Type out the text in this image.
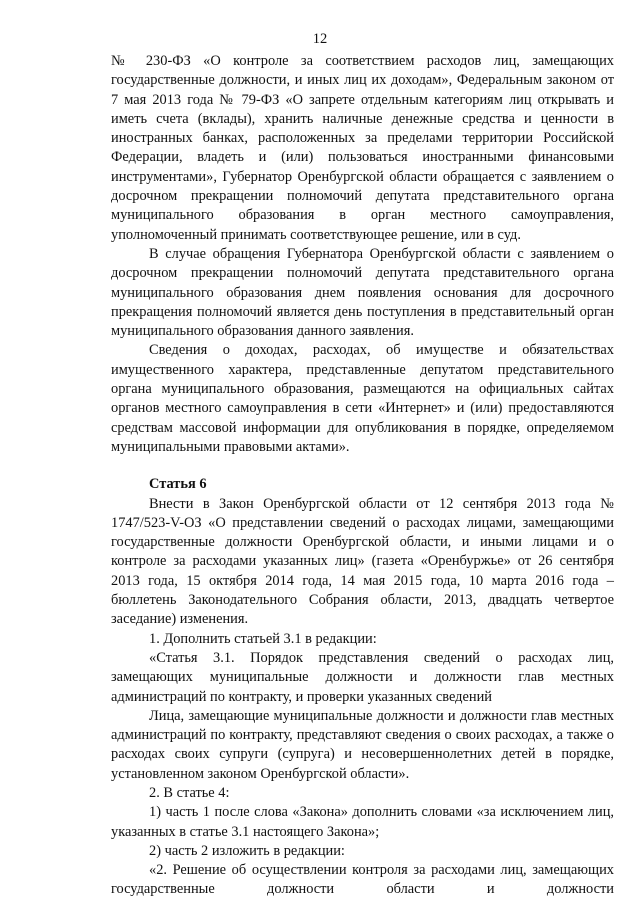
12

№ 230-ФЗ «О контроле за соответствием расходов лиц, замещающих государственные должности, и иных лиц их доходам», Федеральным законом от 7 мая 2013 года № 79-ФЗ «О запрете отдельным категориям лиц открывать и иметь счета (вклады), хранить наличные денежные средства и ценности в иностранных банках, расположенных за пределами территории Российской Федерации, владеть и (или) пользоваться иностранными финансовыми инструментами», Губернатор Оренбургской области обращается с заявлением о досрочном прекращении полномочий депутата представительного органа муниципального образования в орган местного самоуправления, уполномоченный принимать соответствующее решение, или в суд.

В случае обращения Губернатора Оренбургской области с заявлением о досрочном прекращении полномочий депутата представительного органа муниципального образования днем появления основания для досрочного прекращения полномочий является день поступления в представительный орган муниципального образования данного заявления.

Сведения о доходах, расходах, об имуществе и обязательствах имущественного характера, представленные депутатом представительного органа муниципального образования, размещаются на официальных сайтах органов местного самоуправления в сети «Интернет» и (или) предоставляются средствам массовой информации для опубликования в порядке, определяемом муниципальными правовыми актами».

Статья 6

Внести в Закон Оренбургской области от 12 сентября 2013 года № 1747/523-V-ОЗ «О представлении сведений о расходах лицами, замещающими государственные должности Оренбургской области, и иными лицами и о контроле за расходами указанных лиц» (газета «Оренбуржье» от 26 сентября 2013 года, 15 октября 2014 года, 14 мая 2015 года, 10 марта 2016 года – бюллетень Законодательного Собрания области, 2013, двадцать четвертое заседание) изменения.

1. Дополнить статьей 3.1 в редакции:

«Статья 3.1. Порядок представления сведений о расходах лиц, замещающих муниципальные должности и должности глав местных администраций по контракту, и проверки указанных сведений

Лица, замещающие муниципальные должности и должности глав местных администраций по контракту, представляют сведения о своих расходах, а также о расходах своих супруги (супруга) и несовершеннолетних детей в порядке, установленном законом Оренбургской области».

2. В статье 4:

1) часть 1 после слова «Закона» дополнить словами «за исключением лиц, указанных в статье 3.1 настоящего Закона»;

2) часть 2 изложить в редакции:

«2. Решение об осуществлении контроля за расходами лиц, замещающих государственные должности области и должности
